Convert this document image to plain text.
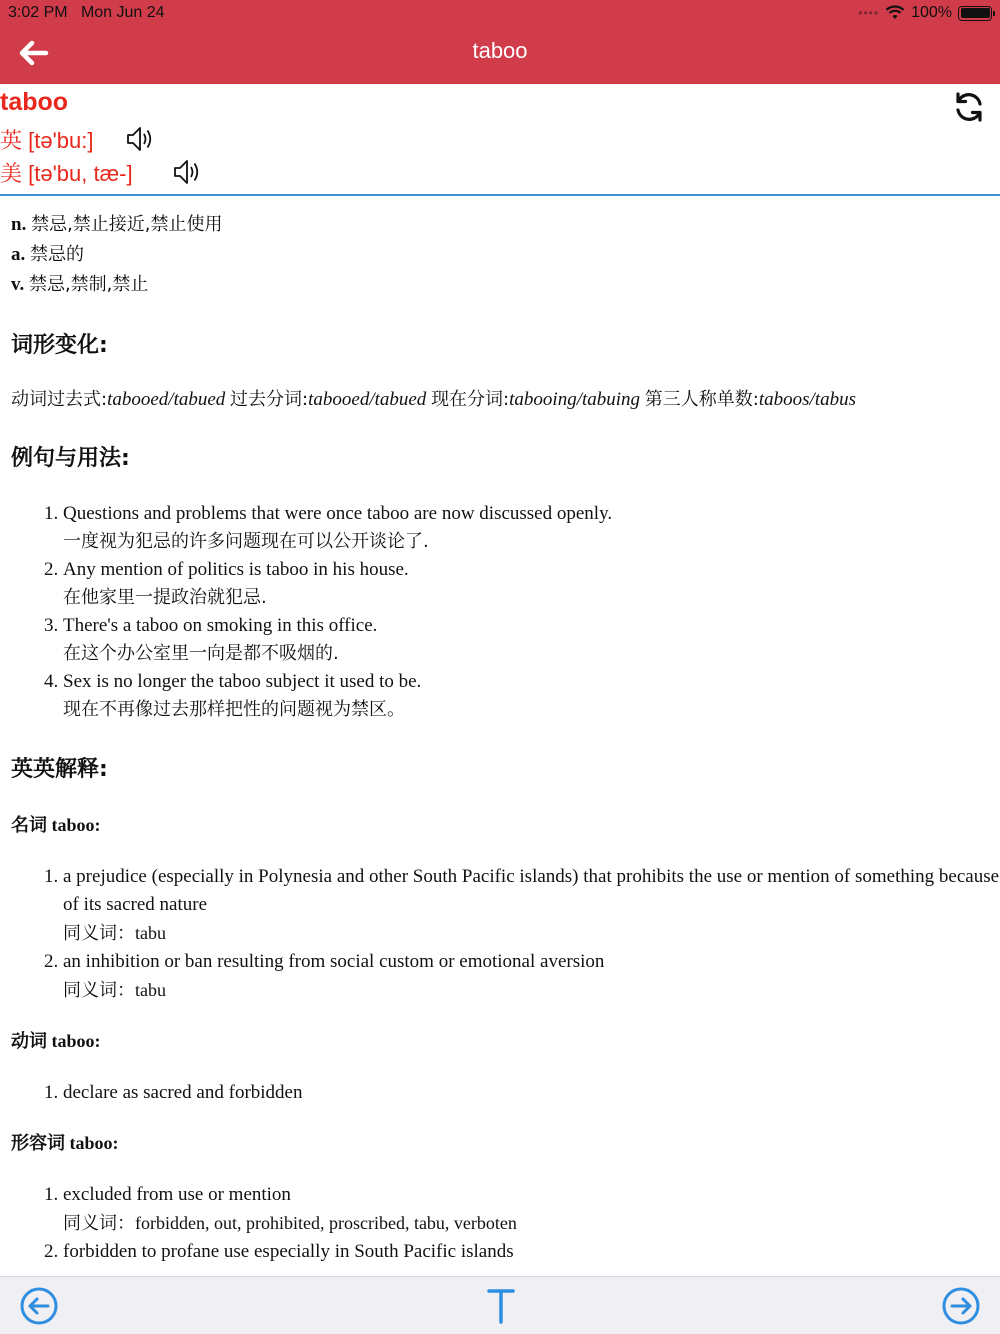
3:02 PM Mon Jun 24	•••• 100%
taboo
taboo
英 [tə'bu:]
美 [tə'bu, tæ-]
n. 禁忌,禁止接近,禁止使用
a. 禁忌的
v. 禁忌,禁制,禁止
词形变化:
动词过去式:tabooed/tabued 过去分词:tabooed/tabued 现在分词:tabooing/tabuing 第三人称单数:taboos/tabus
例句与用法:
1. Questions and problems that were once taboo are now discussed openly.
一度视为犯忌的许多问题现在可以公开谈论了.
2. Any mention of politics is taboo in his house.
在他家里一提政治就犯忌.
3. There's a taboo on smoking in this office.
在这个办公室里一向是都不吸烟的.
4. Sex is no longer the taboo subject it used to be.
现在不再像过去那样把性的问题视为禁区。
英英解释:
名词 taboo:
1. a prejudice (especially in Polynesia and other South Pacific islands) that prohibits the use or mention of something because of its sacred nature
同义词：tabu
2. an inhibition or ban resulting from social custom or emotional aversion
同义词：tabu
动词 taboo:
1. declare as sacred and forbidden
形容词 taboo:
1. excluded from use or mention
同义词：forbidden, out, prohibited, proscribed, tabu, verboten
2. forbidden to profane use especially in South Pacific islands
